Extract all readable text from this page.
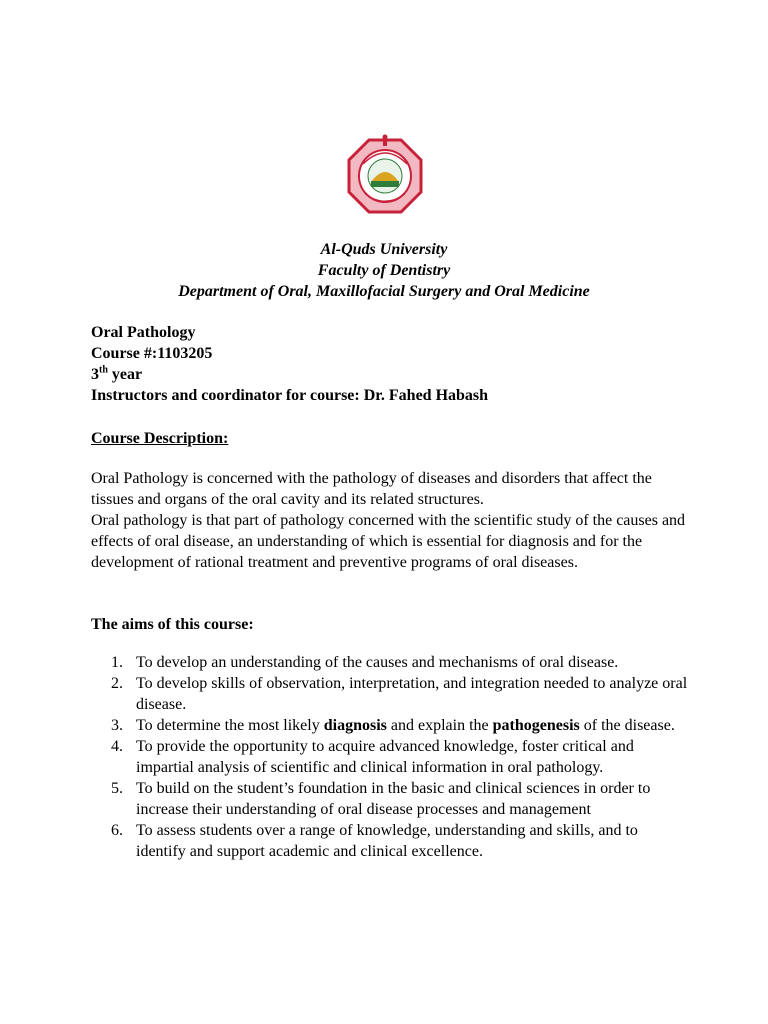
Al-Quds University
Faculty of Dentistry
Department of Oral, Maxillofacial Surgery and Oral Medicine

Oral Pathology

Course #:1103205

3th year

Instructors and coordinator for course: Dr. Fahed Habash

Course Description:

Oral Pathology is concerned with the pathology of diseases and disorders that affect the tissues and organs of the oral cavity and its related structures.

Oral pathology is that part of pathology concerned with the scientific study of the causes and effects of oral disease, an understanding of which is essential for diagnosis and for the development of rational treatment and preventive programs of oral diseases.

The aims of this course:
1. To develop an understanding of the causes and mechanisms of oral disease.
2. To develop skills of observation, interpretation, and integration needed to analyze oral disease.
3. To determine the most likely diagnosis and explain the pathogenesis of the disease.
4. To provide the opportunity to acquire advanced knowledge, foster critical and impartial analysis of scientific and clinical information in oral pathology.
5. To build on the student’s foundation in the basic and clinical sciences in order to increase their understanding of oral disease processes and management
6. To assess students over a range of knowledge, understanding and skills, and to identify and support academic and clinical excellence.
